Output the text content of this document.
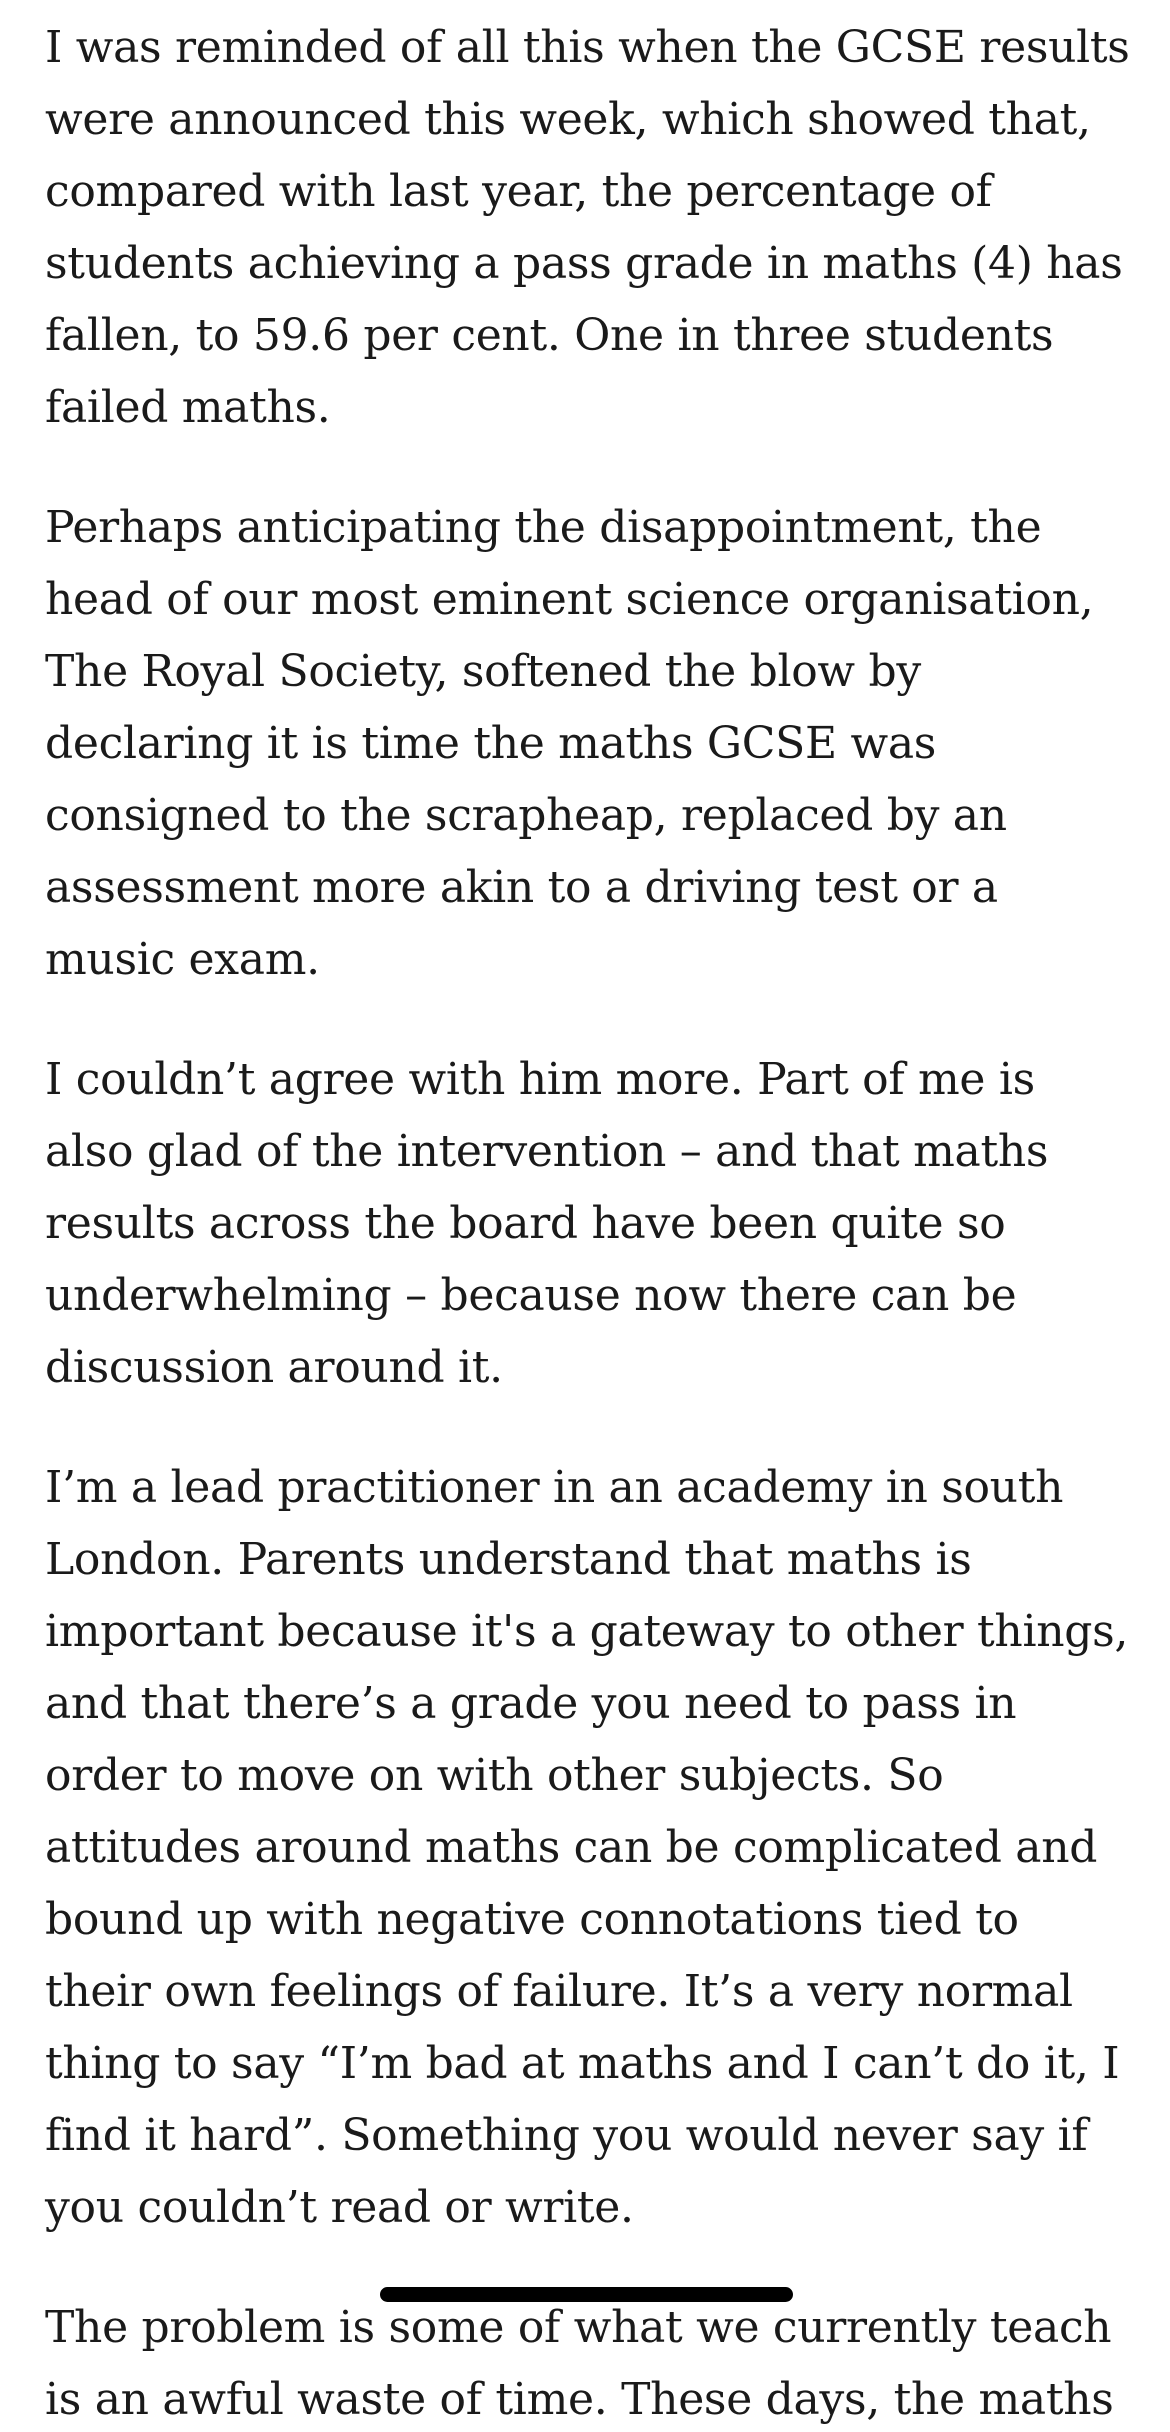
I was reminded of all this when the GCSE results were announced this week, which showed that, compared with last year, the percentage of students achieving a pass grade in maths (4) has fallen, to 59.6 per cent. One in three students failed maths.

Perhaps anticipating the disappointment, the head of our most eminent science organisation, The Royal Society, softened the blow by declaring it is time the maths GCSE was consigned to the scrapheap, replaced by an assessment more akin to a driving test or a music exam.

I couldn’t agree with him more. Part of me is also glad of the intervention – and that maths results across the board have been quite so underwhelming – because now there can be discussion around it.

I’m a lead practitioner in an academy in south London. Parents understand that maths is important because it's a gateway to other things, and that there’s a grade you need to pass in order to move on with other subjects. So attitudes around maths can be complicated and bound up with negative connotations tied to their own feelings of failure. It’s a very normal thing to say “I’m bad at maths and I can’t do it, I find it hard”. Something you would never say if you couldn’t read or write.

The problem is some of what we currently teach is an awful waste of time. These days, the maths
